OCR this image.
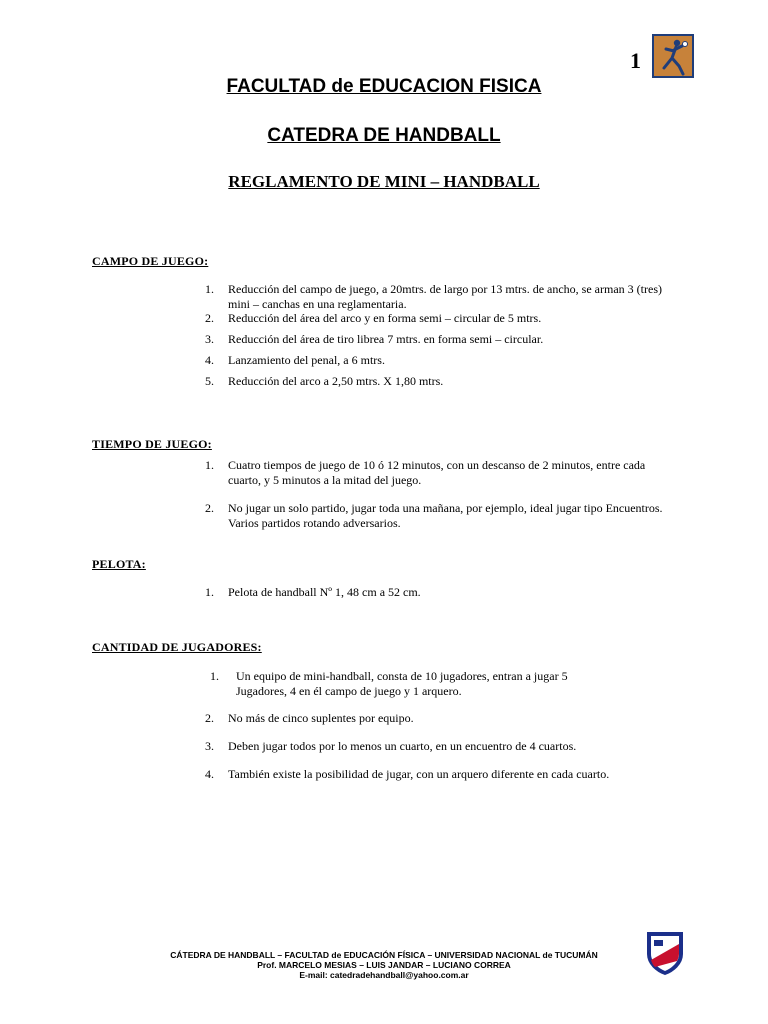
1
FACULTAD de EDUCACION FISICA
CATEDRA DE HANDBALL
REGLAMENTO DE MINI – HANDBALL
CAMPO DE JUEGO:
1.	Reducción del campo de juego, a 20mtrs. de largo por 13 mtrs. de ancho, se arman 3 (tres) mini – canchas en una reglamentaria.
2.	Reducción del área del arco y en forma semi – circular de 5 mtrs.
3.	Reducción del área de tiro librea 7 mtrs. en forma semi – circular.
4.	Lanzamiento del penal, a 6 mtrs.
5.	Reducción del arco a 2,50 mtrs. X 1,80 mtrs.
TIEMPO DE JUEGO:
1.	Cuatro tiempos de juego de 10 ó 12 minutos, con un descanso de 2 minutos, entre cada cuarto, y 5 minutos a la mitad del juego.
2.	No jugar un solo partido, jugar toda una mañana, por ejemplo, ideal jugar tipo Encuentros. Varios partidos rotando adversarios.
PELOTA:
1.	Pelota de handball Nº 1, 48 cm a 52 cm.
CANTIDAD DE JUGADORES:
1.	Un equipo de mini-handball, consta de 10 jugadores, entran a jugar 5 Jugadores, 4 en él campo de juego y 1 arquero.
2.	No más de cinco suplentes por equipo.
3.	Deben jugar todos por lo menos un cuarto, en un encuentro de 4 cuartos.
4.	También existe la posibilidad de jugar, con un arquero diferente en cada cuarto.
CÁTEDRA DE HANDBALL – FACULTAD de EDUCACIÓN FÍSICA – UNIVERSIDAD NACIONAL de TUCUMÁN
Prof. MARCELO MESIAS – LUIS JANDAR – LUCIANO CORREA
E-mail: catedradehandball@yahoo.com.ar
